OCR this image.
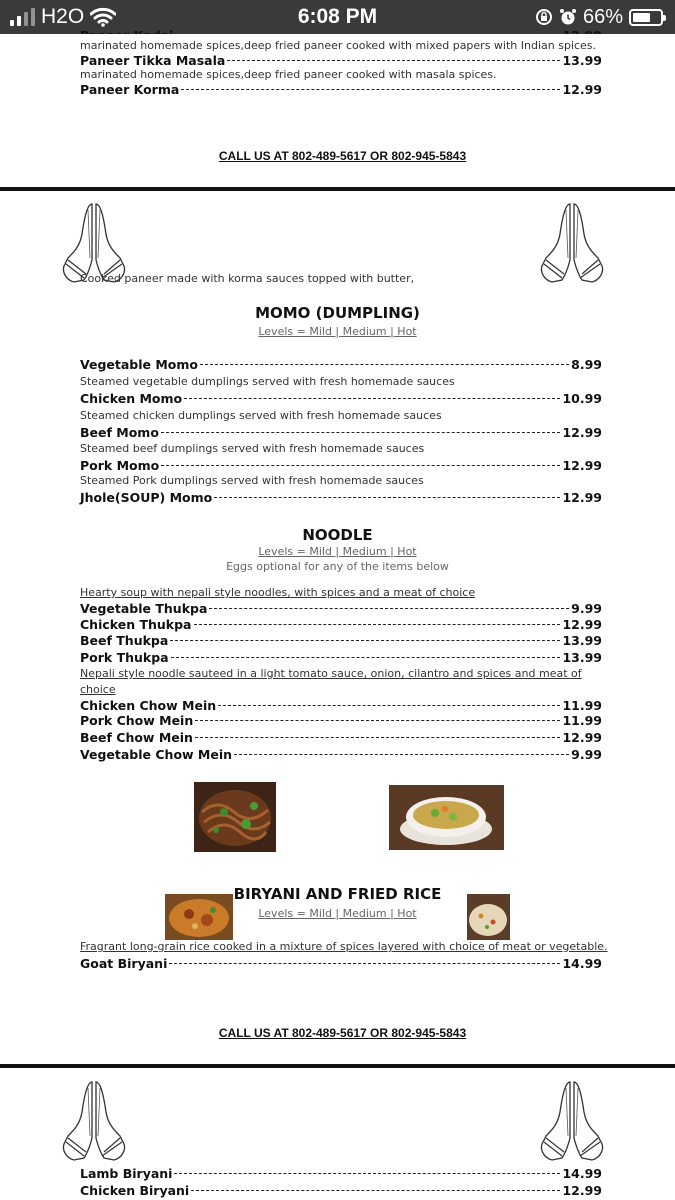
H2O	6:08 PM	66%
marinated homemade spices,deep fried paneer cooked with mixed papers with Indian spices.
Paneer Tikka Masala	13.99
marinated homemade spices,deep fried paneer cooked with masala spices.
Paneer Korma	12.99
CALL US AT 802-489-5617 OR 802-945-5843
Cooked paneer made with korma sauces topped with butter,
MOMO (DUMPLING)
Levels = Mild | Medium | Hot
Vegetable Momo	8.99
Steamed vegetable dumplings served with fresh homemade sauces
Chicken Momo	10.99
Steamed chicken dumplings served with fresh homemade sauces
Beef Momo	12.99
Steamed beef dumplings served with fresh homemade sauces
Pork Momo	12.99
Steamed Pork dumplings served with fresh homemade sauces
Jhole(SOUP) Momo	12.99
NOODLE
Levels = Mild | Medium | Hot
Eggs optional for any of the items below
Hearty soup with nepali style noodles, with spices and a meat of choice
Vegetable Thukpa	9.99
Chicken Thukpa	12.99
Beef Thukpa	13.99
Pork Thukpa	13.99
Nepali style noodle sauteed in a light tomato sauce, onion, cilantro and spices and meat of
choice
Chicken Chow Mein	11.99
Pork Chow Mein	11.99
Beef Chow Mein	12.99
Vegetable Chow Mein	9.99
BIRYANI AND FRIED RICE
Levels = Mild | Medium | Hot
Fragrant long-grain rice cooked in a mixture of spices layered with choice of meat or vegetable.
Goat Biryani	14.99
CALL US AT 802-489-5617 OR 802-945-5843
Lamb Biryani	14.99
Chicken Biryani	12.99
